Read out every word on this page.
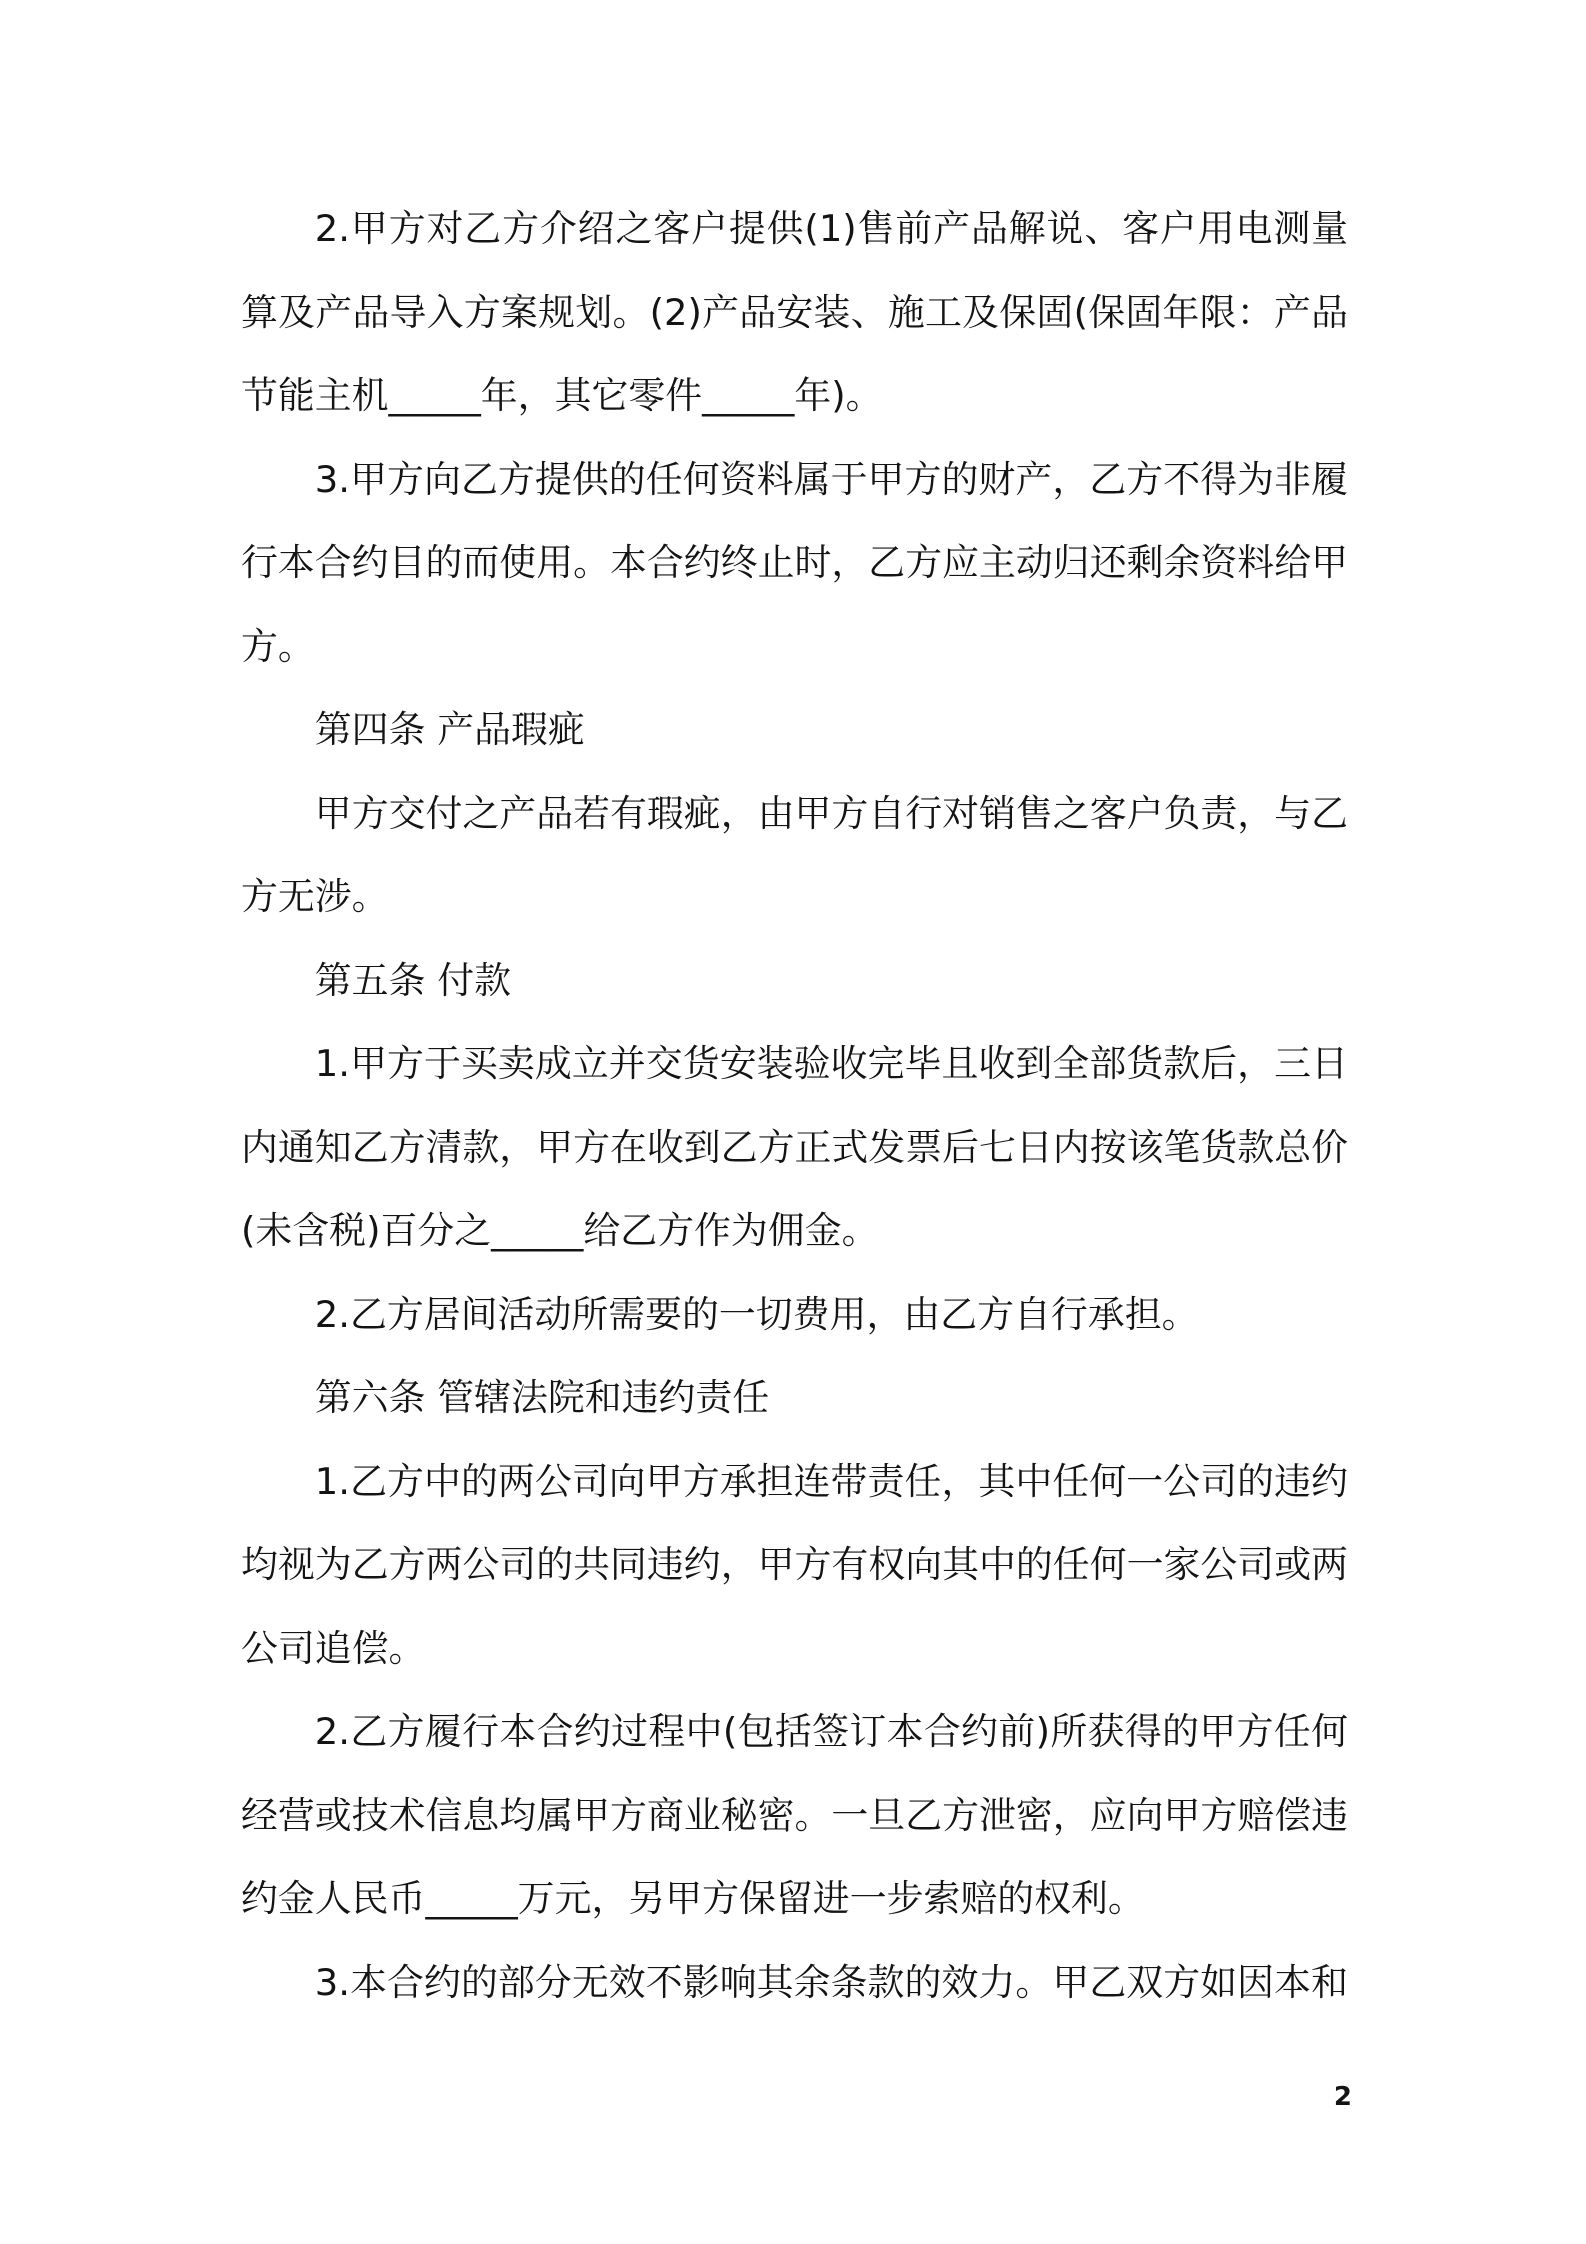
2.甲方对乙方介绍之客户提供(1)售前产品解说、客户用电测量
算及产品导入方案规划。(2)产品安装、施工及保固(保固年限：产品
节能主机_____年，其它零件_____年)。
3.甲方向乙方提供的任何资料属于甲方的财产，乙方不得为非履
行本合约目的而使用。本合约终止时，乙方应主动归还剩余资料给甲
方。
第四条 产品瑕疵
甲方交付之产品若有瑕疵，由甲方自行对销售之客户负责，与乙
方无涉。
第五条 付款
1.甲方于买卖成立并交货安装验收完毕且收到全部货款后，三日
内通知乙方清款，甲方在收到乙方正式发票后七日内按该笔货款总价
(未含税)百分之_____给乙方作为佣金。
2.乙方居间活动所需要的一切费用，由乙方自行承担。
第六条 管辖法院和违约责任
1.乙方中的两公司向甲方承担连带责任，其中任何一公司的违约
均视为乙方两公司的共同违约，甲方有权向其中的任何一家公司或两
公司追偿。
2.乙方履行本合约过程中(包括签订本合约前)所获得的甲方任何
经营或技术信息均属甲方商业秘密。一旦乙方泄密，应向甲方赔偿违
约金人民币_____万元，另甲方保留进一步索赔的权利。
3.本合约的部分无效不影响其余条款的效力。甲乙双方如因本和
2
